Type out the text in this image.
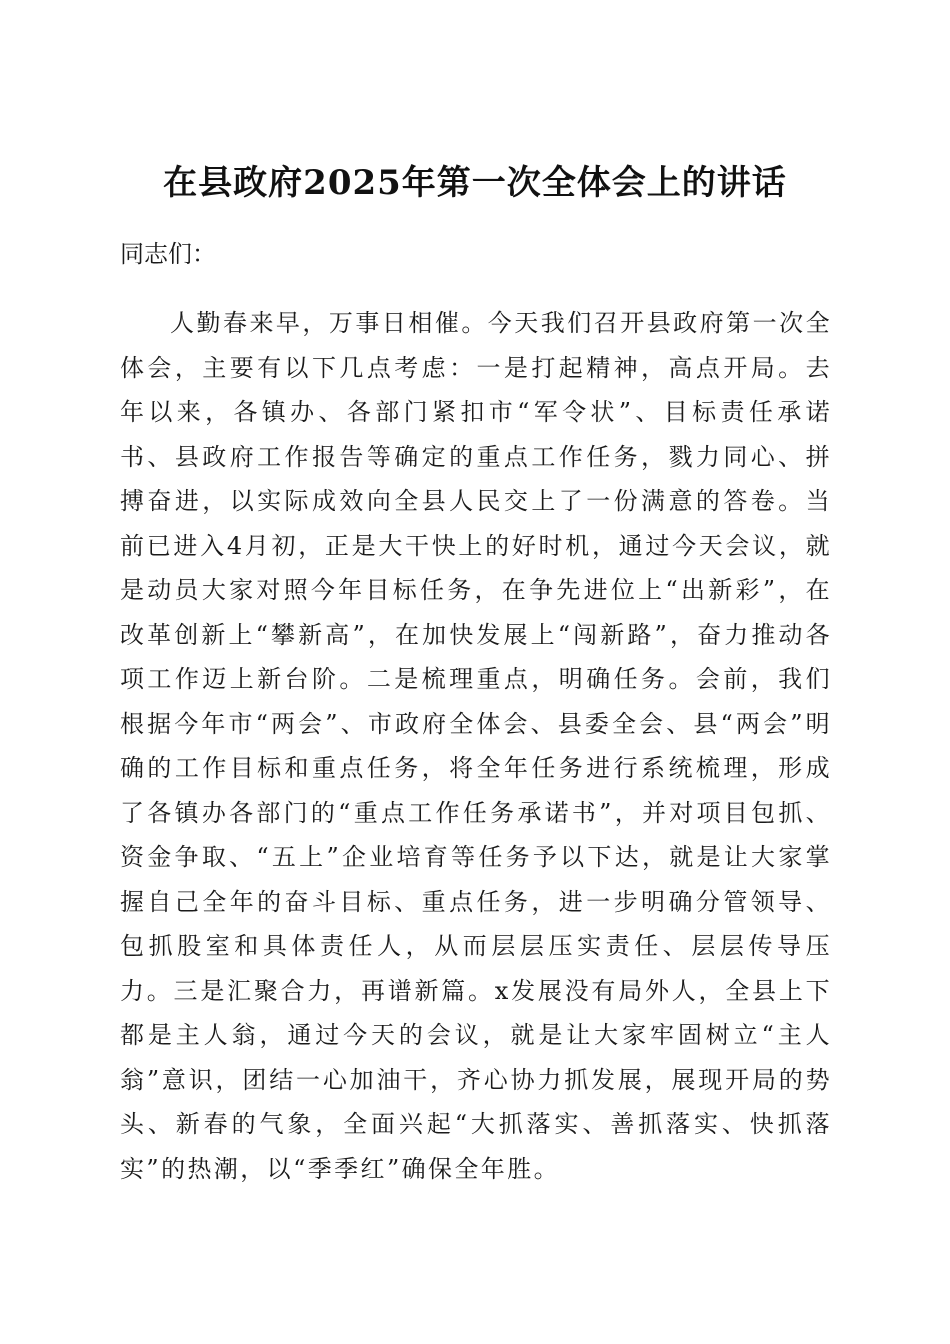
在县政府2025年第一次全体会上的讲话
同志们：

人勤春来早，万事日相催。今天我们召开县政府第一次全体会，主要有以下几点考虑：一是打起精神，高点开局。去年以来，各镇办、各部门紧扣市“军令状”、目标责任承诺书、县政府工作报告等确定的重点工作任务，戮力同心、拼搏奋进，以实际成效向全县人民交上了一份满意的答卷。当前已进入4月初，正是大干快上的好时机，通过今天会议，就是动员大家对照今年目标任务，在争先进位上“出新彩”，在改革创新上“攀新高”，在加快发展上“闯新路”，奋力推动各项工作迈上新台阶。二是梳理重点，明确任务。会前，我们根据今年市“两会”、市政府全体会、县委全会、县“两会”明确的工作目标和重点任务，将全年任务进行系统梳理，形成了各镇办各部门的“重点工作任务承诺书”，并对项目包抓、资金争取、“五上”企业培育等任务予以下达，就是让大家掌握自己全年的奋斗目标、重点任务，进一步明确分管领导、包抓股室和具体责任人，从而层层压实责任、层层传导压力。三是汇聚合力，再谱新篇。x发展没有局外人，全县上下都是主人翁，通过今天的会议，就是让大家牢固树立“主人翁”意识，团结一心加油干，齐心协力抓发展，展现开局的势头、新春的气象，全面兴起“大抓落实、善抓落实、快抓落实”的热潮，以“季季红”确保全年胜。
